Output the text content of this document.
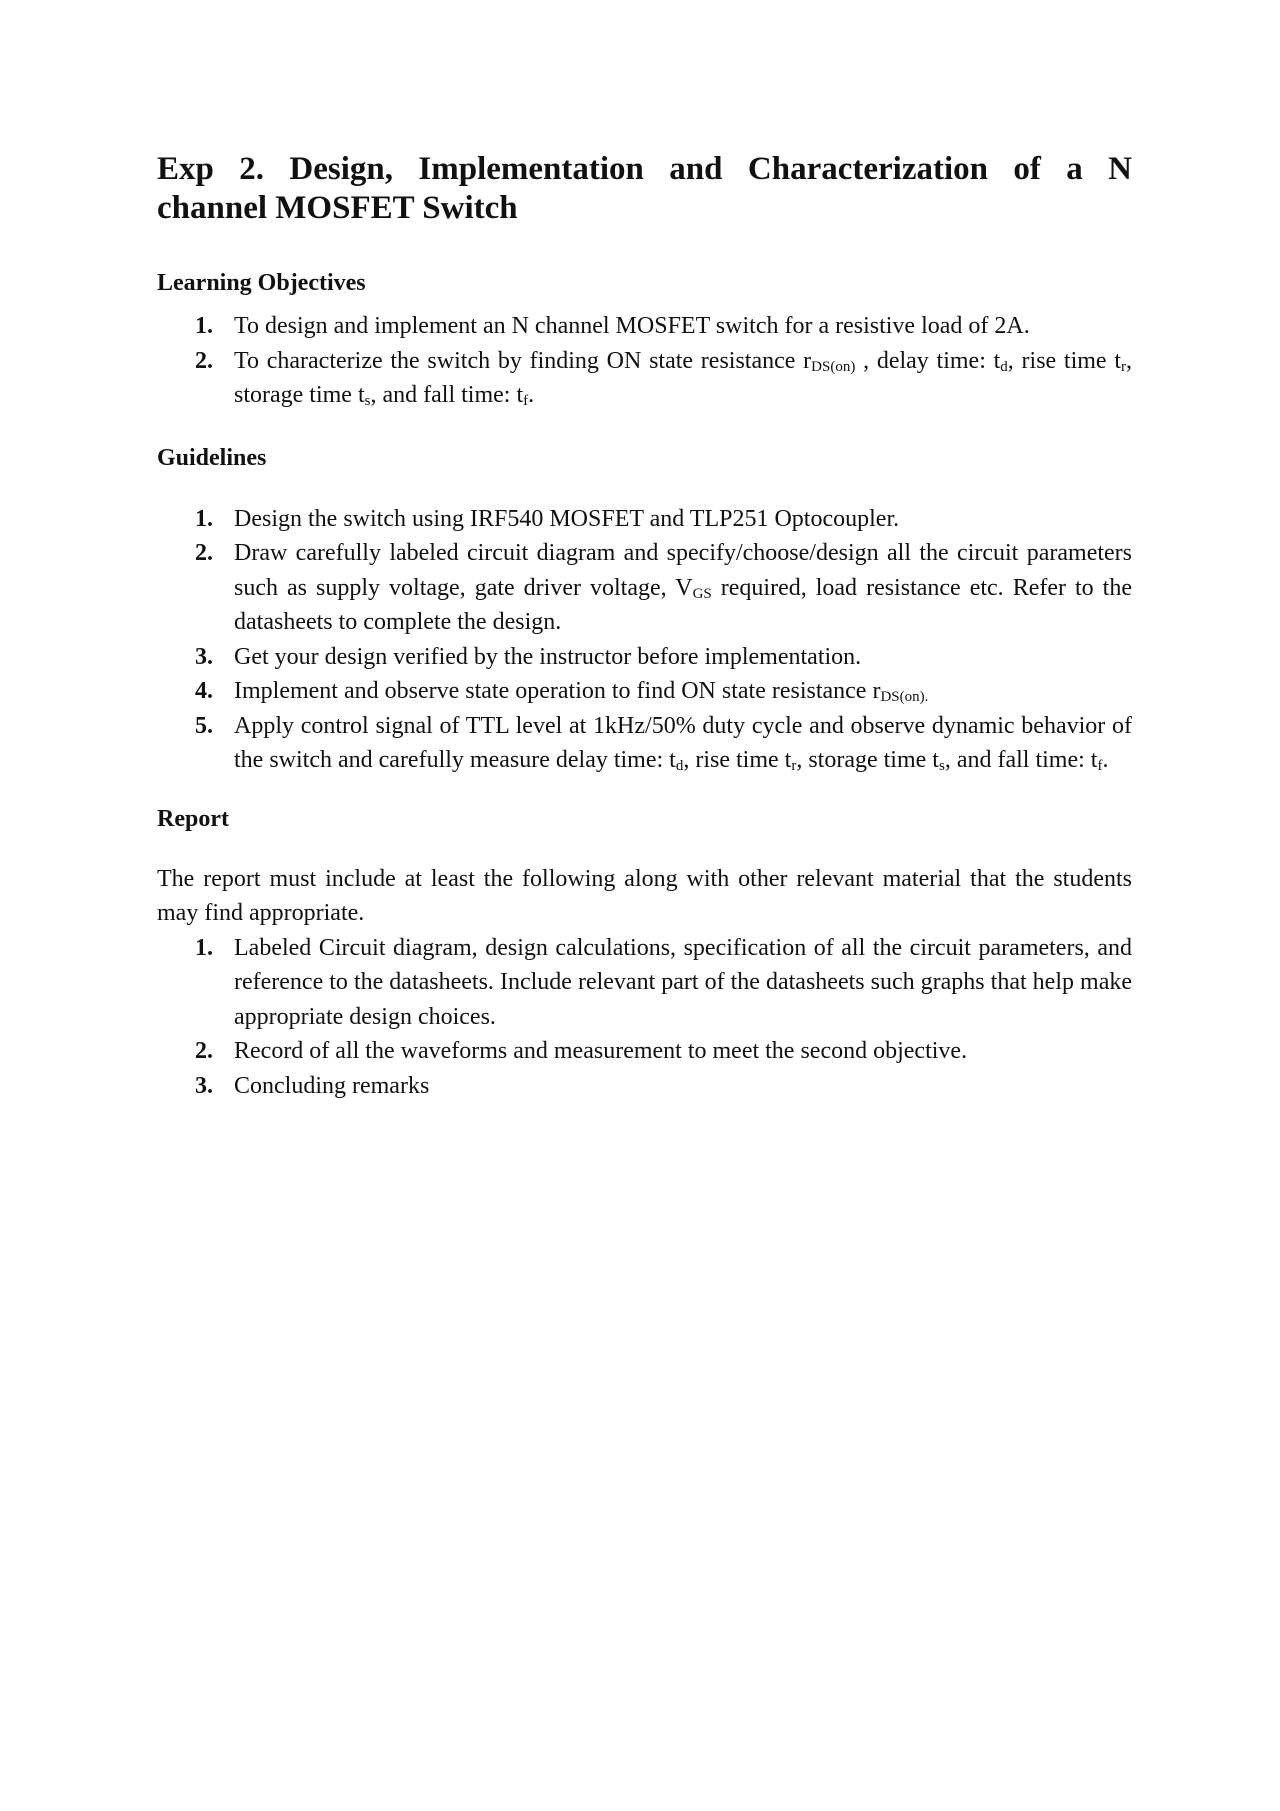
Exp 2. Design, Implementation and Characterization of a N
channel MOSFET Switch
Learning Objectives
1. To design and implement an N channel MOSFET switch for a resistive load of 2A.
2. To characterize the switch by finding ON state resistance $r_{DS(on)}$ , delay time: $t_d$, rise time $t_r$, storage time $t_s$, and fall time: $t_f$.
Guidelines
1. Design the switch using IRF540 MOSFET and TLP251 Optocoupler.
2. Draw carefully labeled circuit diagram and specify/choose/design all the circuit parameters such as supply voltage, gate driver voltage, $V_{GS}$ required, load resistance etc. Refer to the datasheets to complete the design.
3. Get your design verified by the instructor before implementation.
4. Implement and observe state operation to find ON state resistance $r_{DS(on).}$
5. Apply control signal of TTL level at 1kHz/50% duty cycle and observe dynamic behavior of the switch and carefully measure delay time: $t_d$, rise time $t_r$, storage time $t_s$, and fall time: $t_f$.
Report

The report must include at least the following along with other relevant material that the students may find appropriate.

1. Labeled Circuit diagram, design calculations, specification of all the circuit parameters, and reference to the datasheets. Include relevant part of the datasheets such graphs that help make appropriate design choices.
2. Record of all the waveforms and measurement to meet the second objective.
3. Concluding remarks
